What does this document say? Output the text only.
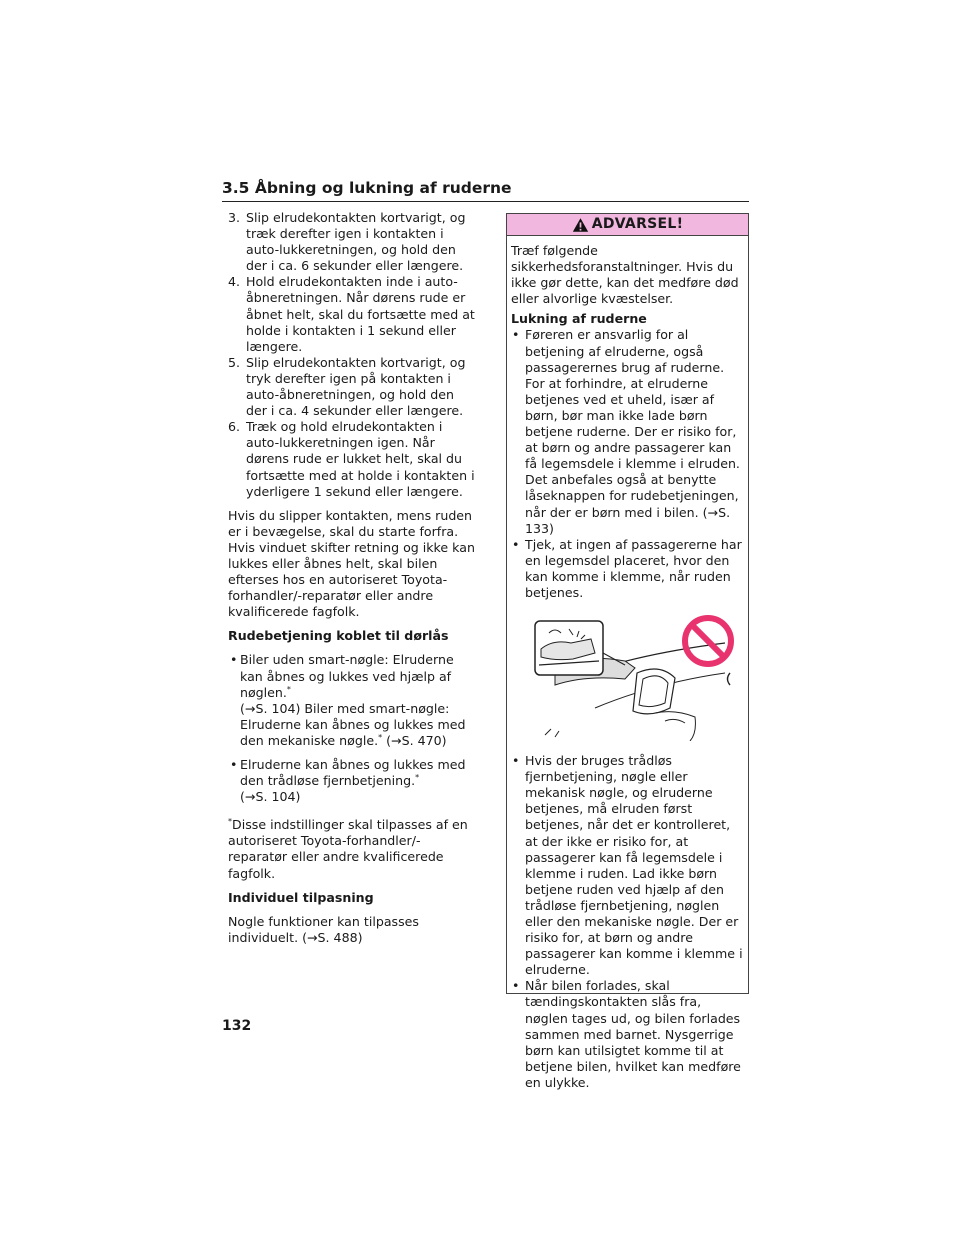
3.5 Åbning og lukning af ruderne
3 . Slip elrudekontakten kortvarigt, og træk derefter igen i kontakten i auto-lukkeretningen, og hold den der i ca. 6 sekunder eller længere.
4 . Hold elrudekontakten inde i auto-åbneretningen. Når dørens rude er åbnet helt, skal du fortsætte med at holde i kontakten i 1 sekund eller længere.
5 . Slip elrudekontakten kortvarigt, og tryk derefter igen på kontakten i auto-åbneretningen, og hold den der i ca. 4 sekunder eller længere.
6 . Træk og hold elrudekontakten i auto-lukkeretningen igen. Når dørens rude er lukket helt, skal du fortsætte med at holde i kontakten i yderligere 1 sekund eller længere.

Hvis du slipper kontakten, mens ruden er i bevægelse, skal du starte forfra. Hvis vinduet skifter retning og ikke kan lukkes eller åbnes helt, skal bilen efterses hos en autoriseret Toyota-forhandler/-reparatør eller andre kvalificerede fagfolk.

Rudebetjening koblet til dørlås

• Biler uden smart-nøgle: Elruderne kan åbnes og lukkes ved hjælp af nøglen.*
(→S. 104) Biler med smart-nøgle: Elruderne kan åbnes og lukkes med den mekaniske nøgle.* (→S. 470)
• Elruderne kan åbnes og lukkes med den trådløse fjernbetjening.*
(→S. 104)

*Disse indstillinger skal tilpasses af en autoriseret Toyota-forhandler/-reparatør eller andre kvalificerede fagfolk.

Individuel tilpasning

Nogle funktioner kan tilpasses individuelt. (→S. 488)

ADVARSEL!

Træf følgende sikkerhedsforanstaltninger. Hvis du ikke gør dette, kan det medføre død eller alvorlige kvæstelser.

Lukning af ruderne

• Føreren er ansvarlig for al betjening af elruderne, også passagerernes brug af ruderne. For at forhindre, at elruderne betjenes ved et uheld, især af børn, bør man ikke lade børn betjene ruderne. Der er risiko for, at børn og andre passagerer kan få legemsdele i klemme i elruden. Det anbefales også at benytte låseknappen for rudebetjeningen, når der er børn med i bilen. (→S. 133)
• Tjek, at ingen af passagererne har en legemsdel placeret, hvor den kan komme i klemme, når ruden betjenes.
• Hvis der bruges trådløs fjernbetjening, nøgle eller mekanisk nøgle, og elruderne betjenes, må elruden først betjenes, når det er kontrolleret, at der ikke er risiko for, at passagerer kan få legemsdele i klemme i ruden. Lad ikke børn betjene ruden ved hjælp af den trådløse fjernbetjening, nøglen eller den mekaniske nøgle. Der er risiko for, at børn og andre passagerer kan komme i klemme i elruderne.
• Når bilen forlades, skal tændingskontakten slås fra, nøglen tages ud, og bilen forlades sammen med barnet. Nysgerrige børn kan utilsigtet komme til at betjene bilen, hvilket kan medføre en ulykke.
132
